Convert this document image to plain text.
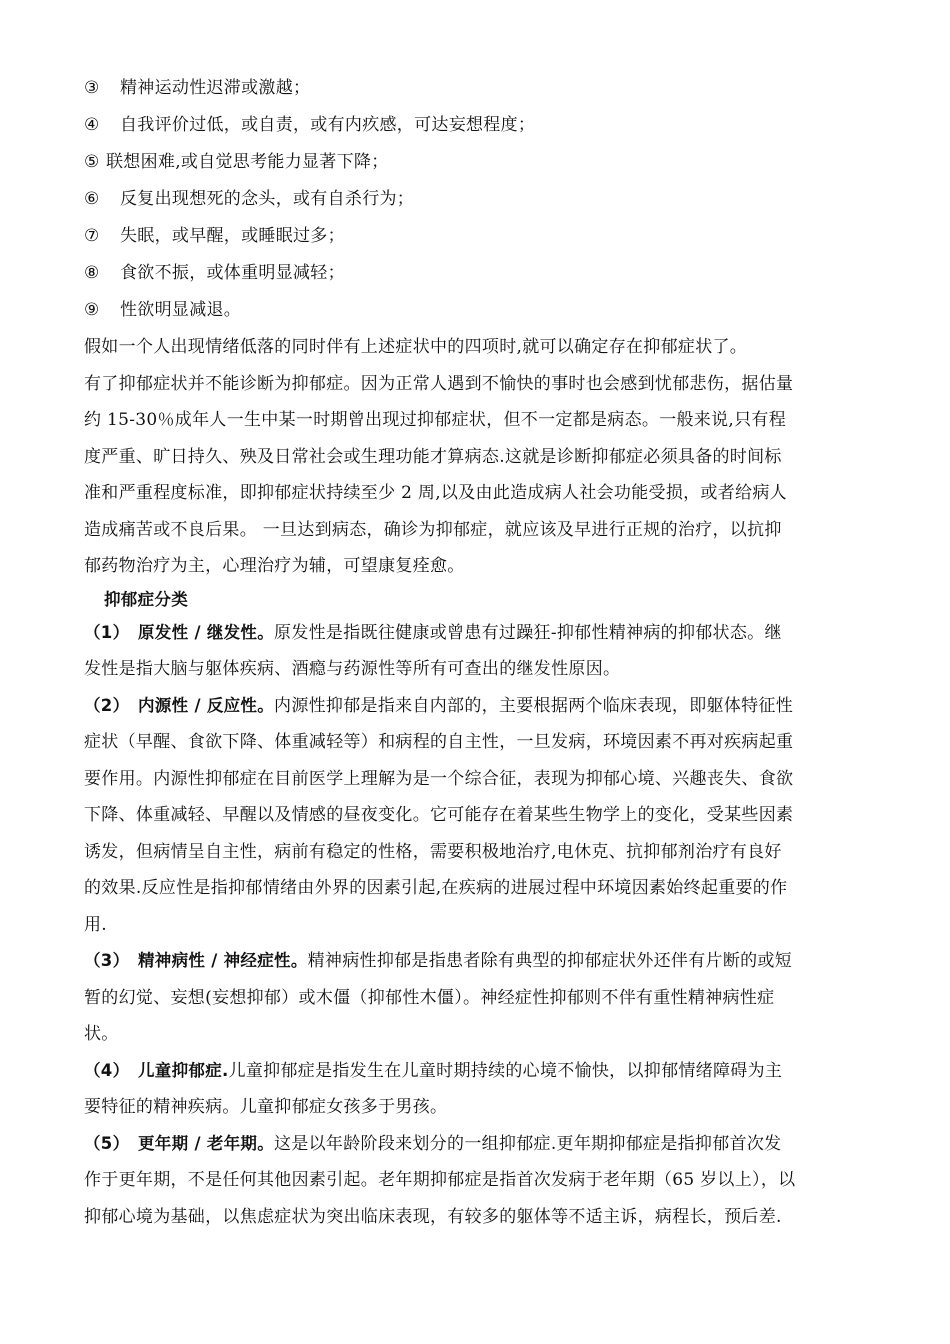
③ 精神运动性迟滞或激越；
④ 自我评价过低，或自责，或有内疚感，可达妄想程度；
⑤ 联想困难,或自觉思考能力显著下降；
⑥ 反复出现想死的念头，或有自杀行为；
⑦ 失眠，或早醒，或睡眠过多；
⑧ 食欲不振，或体重明显减轻；
⑨ 性欲明显减退。
假如一个人出现情绪低落的同时伴有上述症状中的四项时,就可以确定存在抑郁症状了。
有了抑郁症状并不能诊断为抑郁症。因为正常人遇到不愉快的事时也会感到忧郁悲伤，据估量
约 15-30％成年人一生中某一时期曾出现过抑郁症状，但不一定都是病态。一般来说,只有程
度严重、旷日持久、殃及日常社会或生理功能才算病态.这就是诊断抑郁症必须具备的时间标
准和严重程度标准，即抑郁症状持续至少 2 周,以及由此造成病人社会功能受损，或者给病人
造成痛苦或不良后果。 一旦达到病态，确诊为抑郁症，就应该及早进行正规的治疗，以抗抑
郁药物治疗为主，心理治疗为辅，可望康复痊愈。
抑郁症分类
（1） 原发性 / 继发性。原发性是指既往健康或曾患有过躁狂-抑郁性精神病的抑郁状态。继
发性是指大脑与躯体疾病、酒瘾与药源性等所有可查出的继发性原因。
（2） 内源性 / 反应性。内源性抑郁是指来自内部的，主要根据两个临床表现，即躯体特征性
症状（早醒、食欲下降、体重减轻等）和病程的自主性，一旦发病，环境因素不再对疾病起重
要作用。内源性抑郁症在目前医学上理解为是一个综合征，表现为抑郁心境、兴趣丧失、食欲
下降、体重减轻、早醒以及情感的昼夜变化。它可能存在着某些生物学上的变化，受某些因素
诱发，但病情呈自主性，病前有稳定的性格，需要积极地治疗,电休克、抗抑郁剂治疗有良好
的效果.反应性是指抑郁情绪由外界的因素引起,在疾病的进展过程中环境因素始终起重要的作
用.
（3） 精神病性 / 神经症性。精神病性抑郁是指患者除有典型的抑郁症状外还伴有片断的或短
暂的幻觉、妄想(妄想抑郁）或木僵（抑郁性木僵）。神经症性抑郁则不伴有重性精神病性症
状。
（4） 儿童抑郁症.儿童抑郁症是指发生在儿童时期持续的心境不愉快，以抑郁情绪障碍为主
要特征的精神疾病。儿童抑郁症女孩多于男孩。
（5） 更年期 / 老年期。这是以年龄阶段来划分的一组抑郁症.更年期抑郁症是指抑郁首次发
作于更年期，不是任何其他因素引起。老年期抑郁症是指首次发病于老年期（65 岁以上），以
抑郁心境为基础，以焦虑症状为突出临床表现，有较多的躯体等不适主诉，病程长，预后差.
